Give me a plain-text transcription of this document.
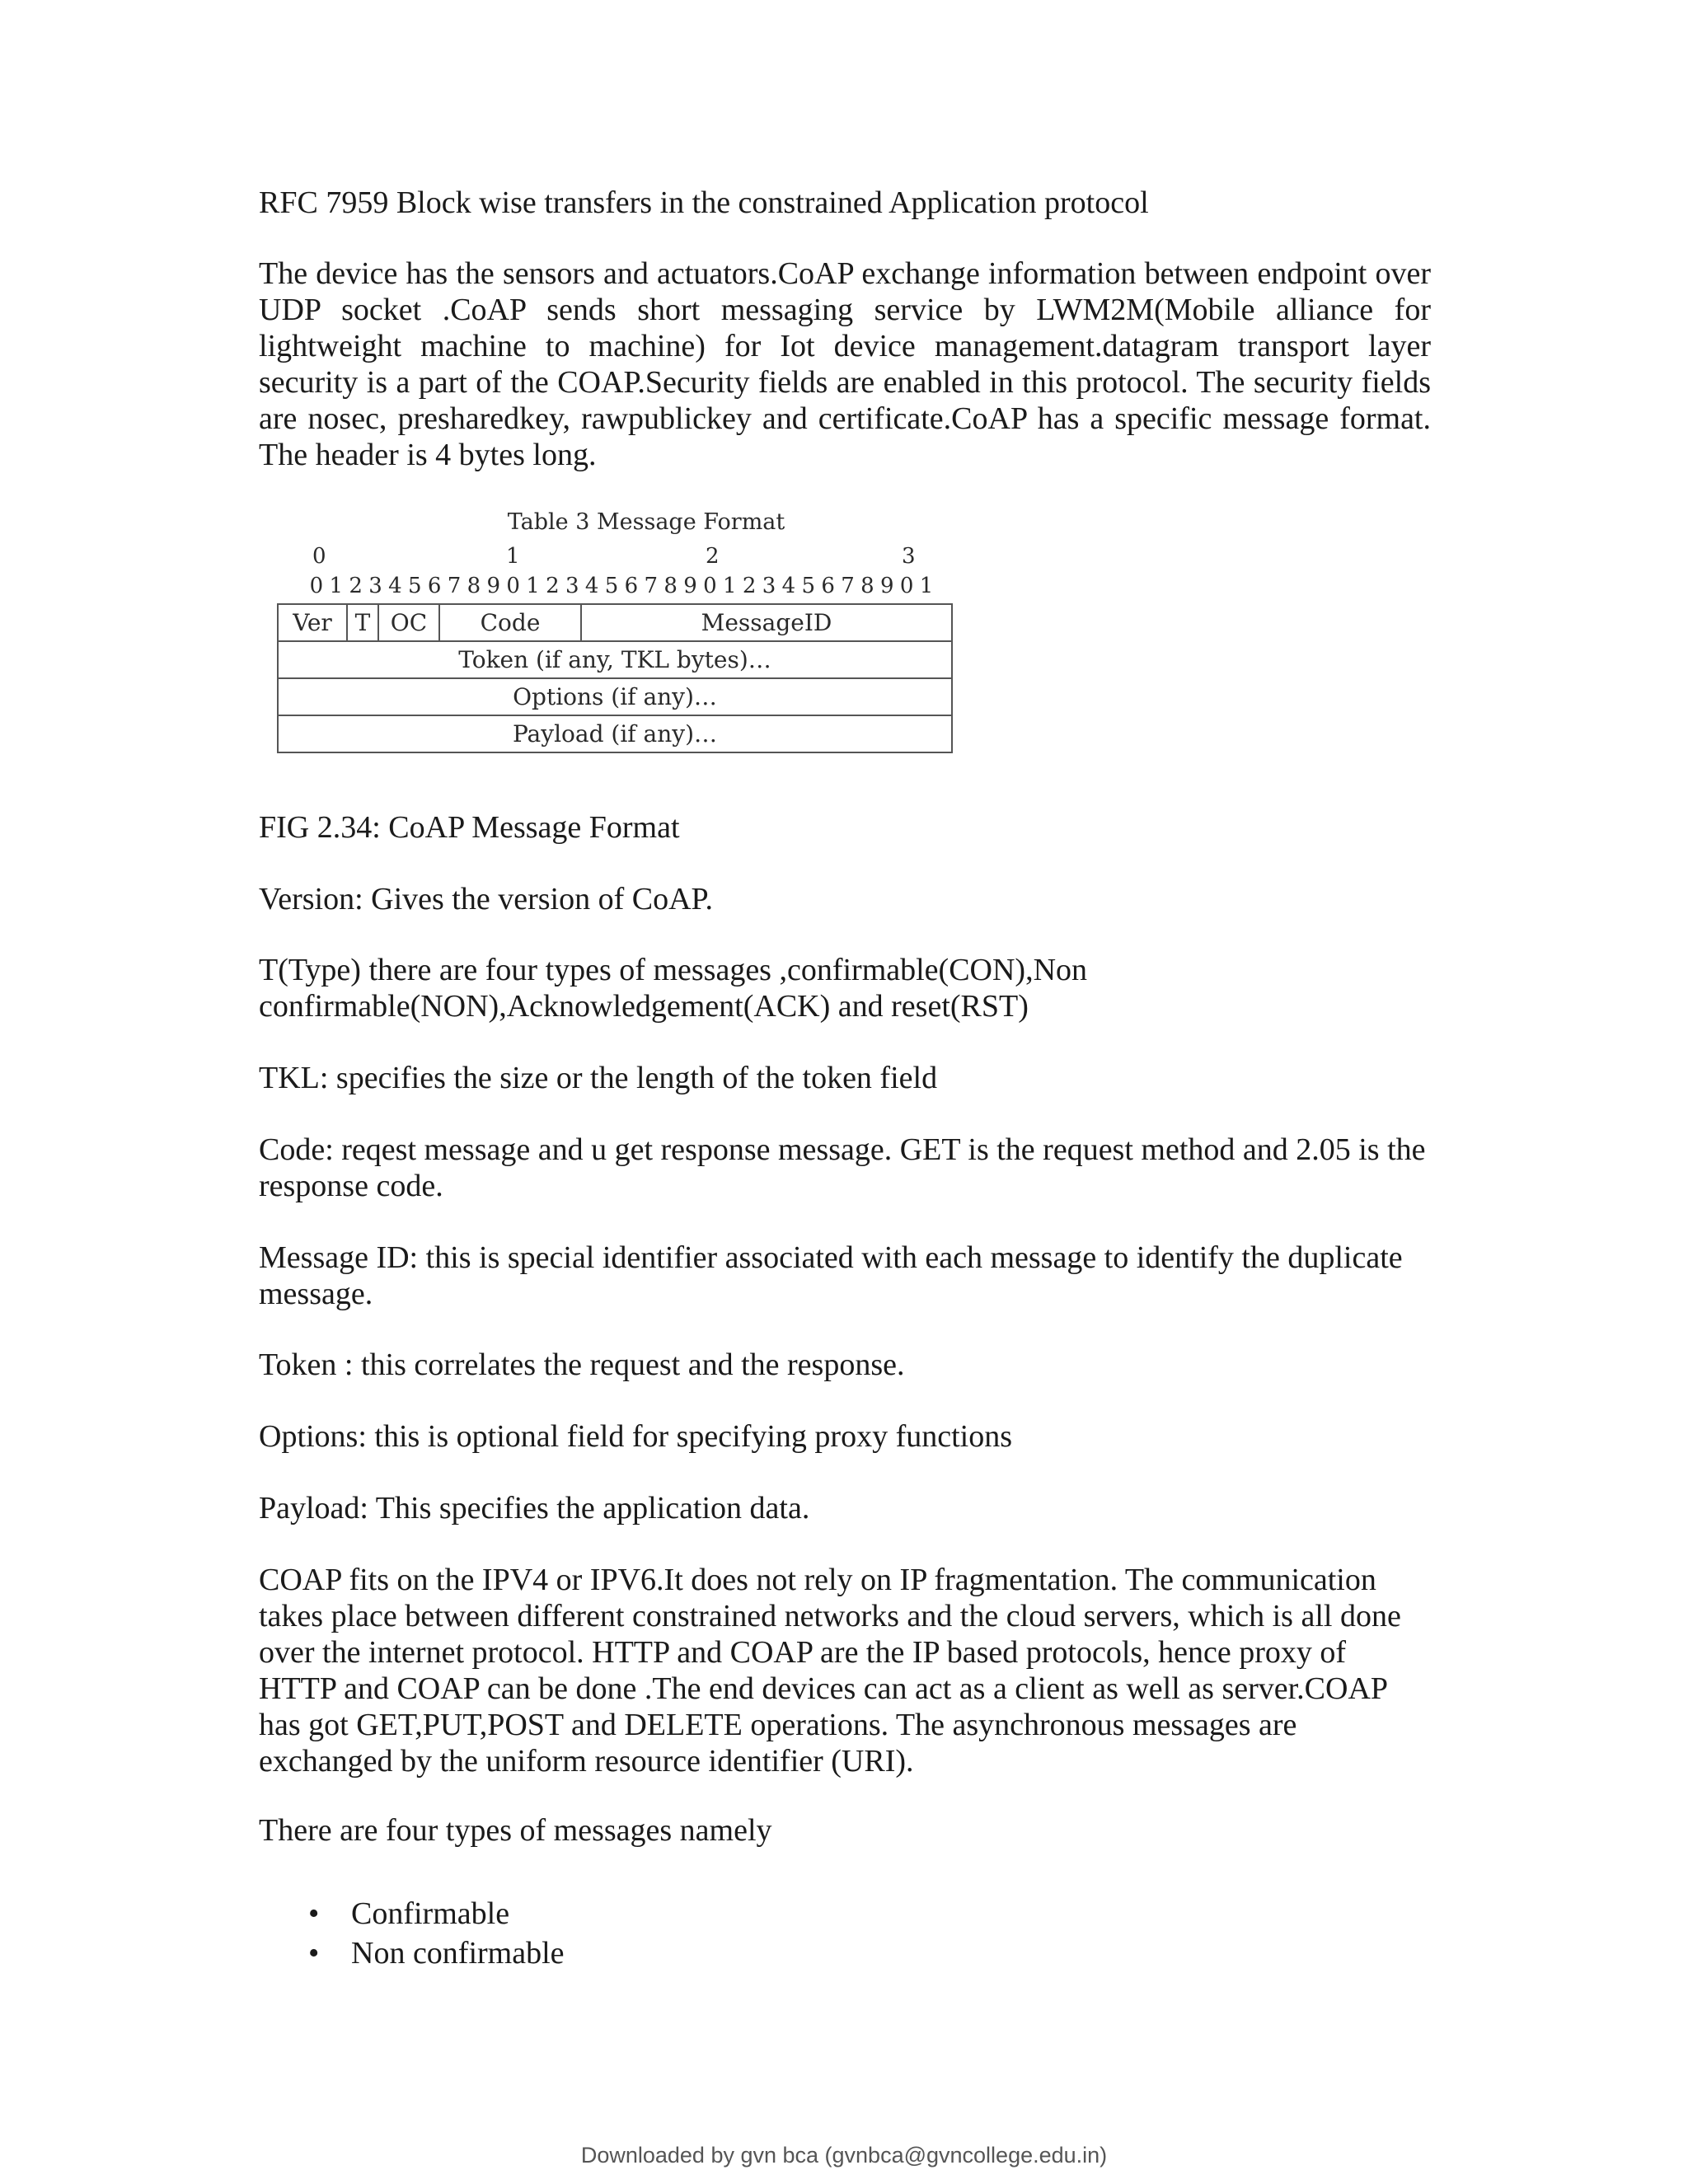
RFC 7959 Block wise transfers in the constrained Application protocol

The device has the sensors and actuators.CoAP exchange information between endpoint over UDP socket .CoAP sends short messaging service by LWM2M(Mobile alliance for lightweight machine to machine) for Iot device management.datagram transport layer security is a part of the COAP.Security fields are enabled in this protocol. The security fields are nosec, presharedkey, rawpublickey and certificate.CoAP has a specific message format. The header is 4 bytes long.

Table 3 Message Format
0	1	2	3
0 1 2 3 4 5 6 7 8 9 0 1 2 3 4 5 6 7 8 9 0 1 2 3 4 5 6 7 8 9 0 1
Ver	T	OC	Code	MessageID
Token (if any, TKL bytes)…
Options (if any)…
Payload (if any)…

FIG 2.34: CoAP Message Format

Version: Gives the version of CoAP.

T(Type) there are four types of messages ,confirmable(CON),Non

confirmable(NON),Acknowledgement(ACK) and reset(RST)

TKL: specifies the size or the length of the token field

Code: reqest message and u get response message. GET is the request method and 2.05 is the response code.

Message ID: this is special identifier associated with each message to identify the duplicate message.

Token : this correlates the request and the response.

Options: this is optional field for specifying proxy functions

Payload: This specifies the application data.

COAP fits on the IPV4 or IPV6.It does not rely on IP fragmentation. The communication takes place between different constrained networks and the cloud servers, which is all done over the internet protocol. HTTP and COAP are the IP based protocols, hence proxy of HTTP and COAP can be done .The end devices can act as a client as well as server.COAP has got GET,PUT,POST and DELETE operations. The asynchronous messages are exchanged by the uniform resource identifier (URI).

There are four types of messages namely

• Confirmable
• Non confirmable
Downloaded by gvn bca (gvnbca@gvncollege.edu.in)
